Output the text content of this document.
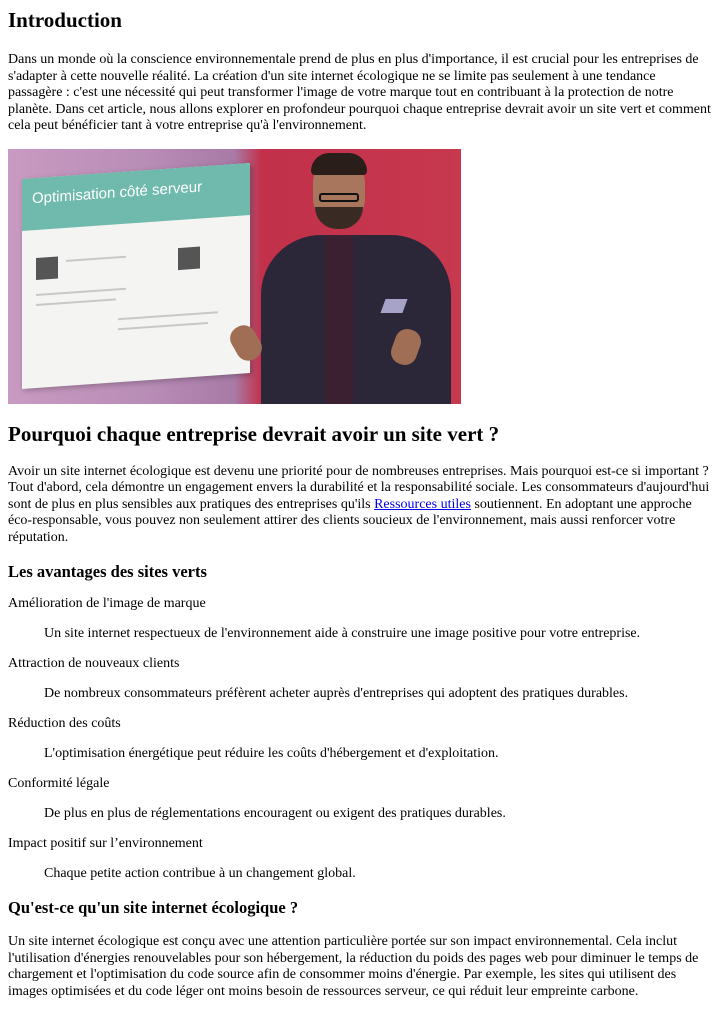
Introduction

Dans un monde où la conscience environnementale prend de plus en plus d'importance, il est crucial pour les entreprises de s'adapter à cette nouvelle réalité. La création d'un site internet écologique ne se limite pas seulement à une tendance passagère : c'est une nécessité qui peut transformer l'image de votre marque tout en contribuant à la protection de notre planète. Dans cet article, nous allons explorer en profondeur pourquoi chaque entreprise devrait avoir un site vert et comment cela peut bénéficier tant à votre entreprise qu'à l'environnement.

Optimisation côté serveur
Pourquoi chaque entreprise devrait avoir un site vert ?

Avoir un site internet écologique est devenu une priorité pour de nombreuses entreprises. Mais pourquoi est-ce si important ? Tout d'abord, cela démontre un engagement envers la durabilité et la responsabilité sociale. Les consommateurs d'aujourd'hui sont de plus en plus sensibles aux pratiques des entreprises qu'ils Ressources utiles soutiennent. En adoptant une approche éco-responsable, vous pouvez non seulement attirer des clients soucieux de l'environnement, mais aussi renforcer votre réputation.

Les avantages des sites verts
Amélioration de l'image de marque
Un site internet respectueux de l'environnement aide à construire une image positive pour votre entreprise.
Attraction de nouveaux clients
De nombreux consommateurs préfèrent acheter auprès d'entreprises qui adoptent des pratiques durables.
Réduction des coûts
L'optimisation énergétique peut réduire les coûts d'hébergement et d'exploitation.
Conformité légale
De plus en plus de réglementations encouragent ou exigent des pratiques durables.
Impact positif sur l’environnement
Chaque petite action contribue à un changement global.
Qu'est-ce qu'un site internet écologique ?

Un site internet écologique est conçu avec une attention particulière portée sur son impact environnemental. Cela inclut l'utilisation d'énergies renouvelables pour son hébergement, la réduction du poids des pages web pour diminuer le temps de chargement et l'optimisation du code source afin de consommer moins d'énergie. Par exemple, les sites qui utilisent des images optimisées et du code léger ont moins besoin de ressources serveur, ce qui réduit leur empreinte carbone.
